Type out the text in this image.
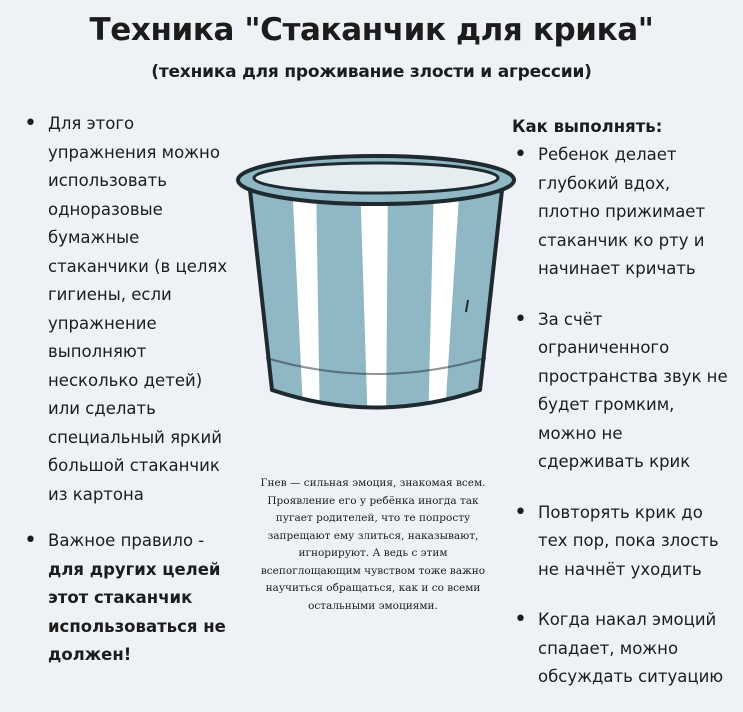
Техника "Стаканчик для крика"
(техника для проживание злости и агрессии)
• Для этого упражнения можно использовать одноразовые бумажные стаканчики (в целях гигиены, если упражнение выполняют несколько детей) или сделать специальный яркий большой стаканчик из картона
• Важное правило - для других целей этот стаканчик использоваться не должен!
Гнев — сильная эмоция, знакомая всем. Проявление его у ребёнка иногда так пугает родителей, что те попросту запрещают ему злиться, наказывают, игнорируют. А ведь с этим всепоглощающим чувством тоже важно научиться обращаться, как и со всеми остальными эмоциями.
Как выполнять:
• Ребенок делает глубокий вдох, плотно прижимает стаканчик ко рту и начинает кричать
• За счёт ограниченного пространства звук не будет громким, можно не сдерживать крик
• Повторять крик до тех пор, пока злость не начнёт уходить
• Когда накал эмоций спадает, можно обсуждать ситуацию
